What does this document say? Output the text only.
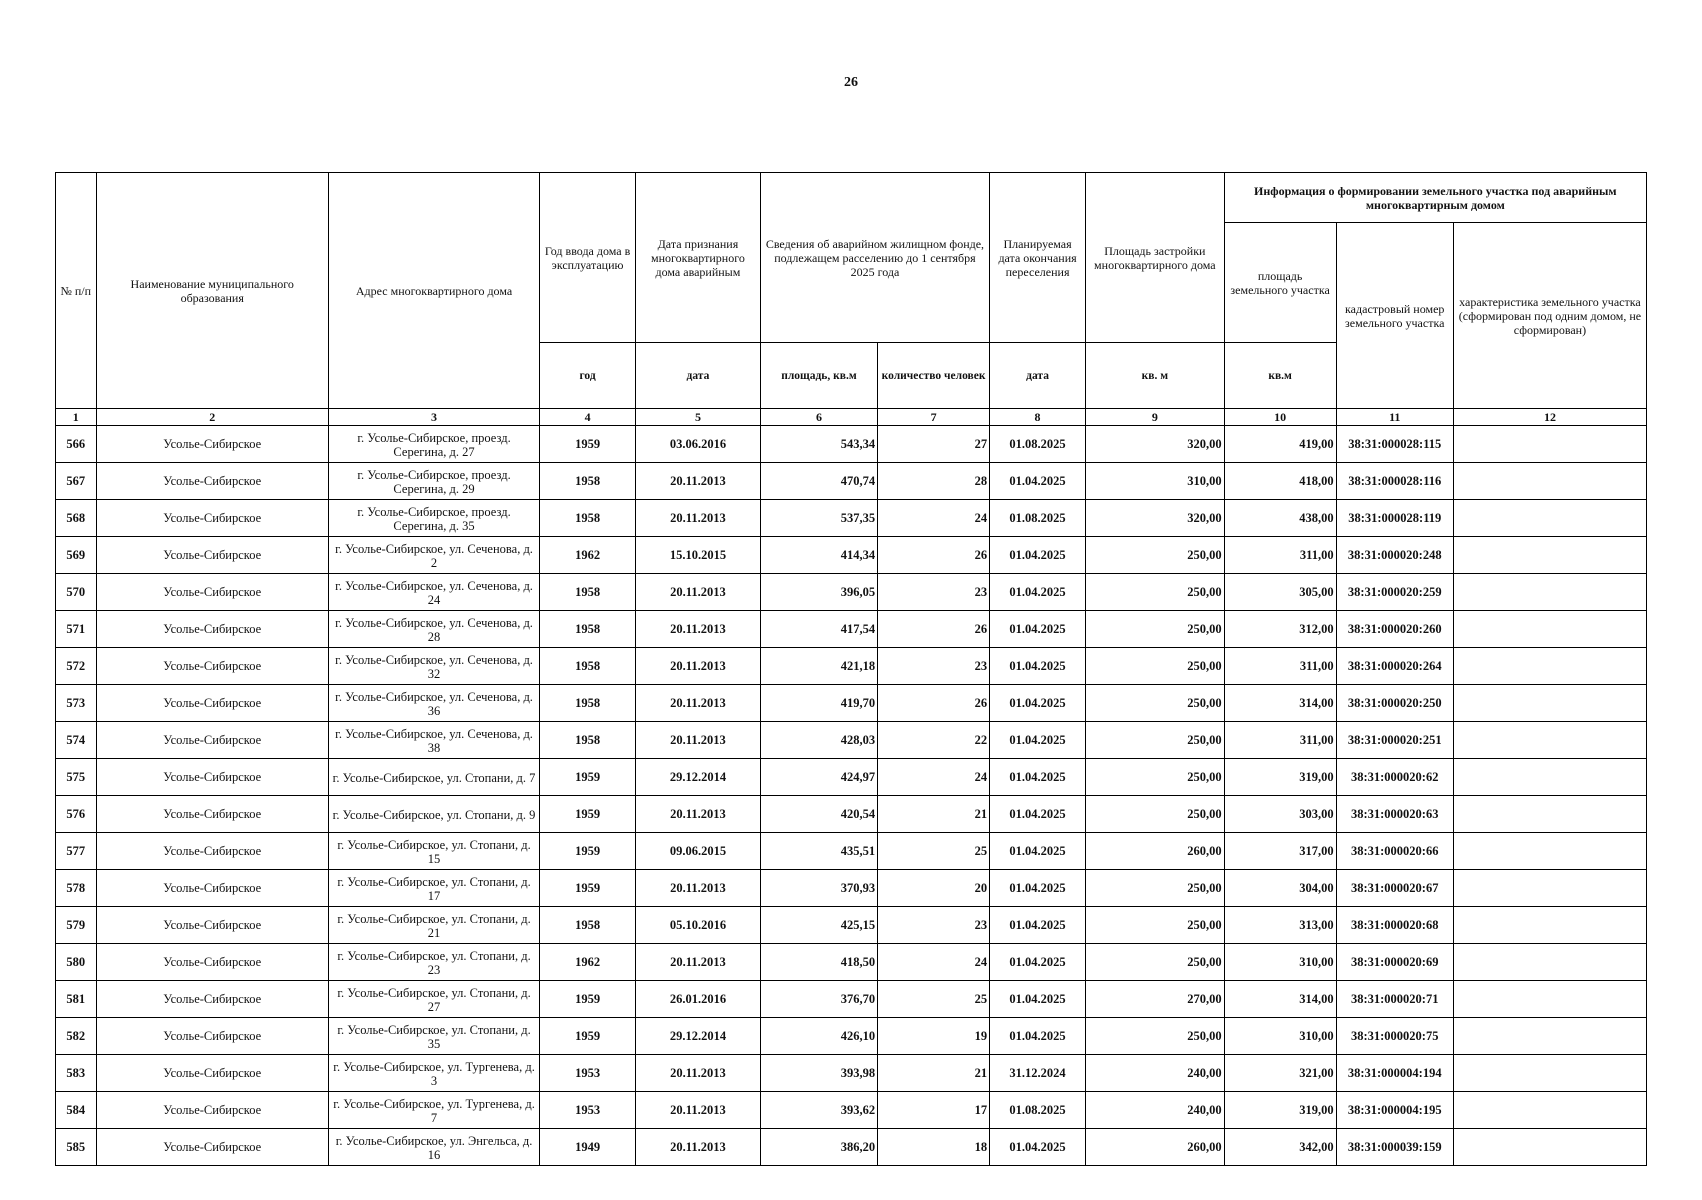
26
№ п/п	Наименование муниципального образования	Адрес многоквартирного дома	Год ввода дома в эксплуатацию	Дата признания многоквартирного дома аварийным	Сведения об аварийном жилищном фонде, подлежащем расселению до 1 сентября 2025 года		Планируемая дата окончания переселения	Площадь застройки многоквартирного дома	Информация о формировании земельного участка под аварийным многоквартирным домом		
									площадь земельного участка	кадастровый номер земельного участка	характеристика земельного участка (сформирован под одним домом, не сформирован)
			год	дата	площадь, кв.м	количество человек	дата	кв. м	кв.м		
1	2	3	4	5	6	7	8	9	10	11	12
566	Усолье-Сибирское	г. Усолье-Сибирское, проезд. Серегина, д. 27	1959	03.06.2016	543,34	27	01.08.2025	320,00	419,00	38:31:000028:115	
567	Усолье-Сибирское	г. Усолье-Сибирское, проезд. Серегина, д. 29	1958	20.11.2013	470,74	28	01.04.2025	310,00	418,00	38:31:000028:116	
568	Усолье-Сибирское	г. Усолье-Сибирское, проезд. Серегина, д. 35	1958	20.11.2013	537,35	24	01.08.2025	320,00	438,00	38:31:000028:119	
569	Усолье-Сибирское	г. Усолье-Сибирское, ул. Сеченова, д. 2	1962	15.10.2015	414,34	26	01.04.2025	250,00	311,00	38:31:000020:248	
570	Усолье-Сибирское	г. Усолье-Сибирское, ул. Сеченова, д. 24	1958	20.11.2013	396,05	23	01.04.2025	250,00	305,00	38:31:000020:259	
571	Усолье-Сибирское	г. Усолье-Сибирское, ул. Сеченова, д. 28	1958	20.11.2013	417,54	26	01.04.2025	250,00	312,00	38:31:000020:260	
572	Усолье-Сибирское	г. Усолье-Сибирское, ул. Сеченова, д. 32	1958	20.11.2013	421,18	23	01.04.2025	250,00	311,00	38:31:000020:264	
573	Усолье-Сибирское	г. Усолье-Сибирское, ул. Сеченова, д. 36	1958	20.11.2013	419,70	26	01.04.2025	250,00	314,00	38:31:000020:250	
574	Усолье-Сибирское	г. Усолье-Сибирское, ул. Сеченова, д. 38	1958	20.11.2013	428,03	22	01.04.2025	250,00	311,00	38:31:000020:251	
575	Усолье-Сибирское	г. Усолье-Сибирское, ул. Стопани, д. 7	1959	29.12.2014	424,97	24	01.04.2025	250,00	319,00	38:31:000020:62	
576	Усолье-Сибирское	г. Усолье-Сибирское, ул. Стопани, д. 9	1959	20.11.2013	420,54	21	01.04.2025	250,00	303,00	38:31:000020:63	
577	Усолье-Сибирское	г. Усолье-Сибирское, ул. Стопани, д. 15	1959	09.06.2015	435,51	25	01.04.2025	260,00	317,00	38:31:000020:66	
578	Усолье-Сибирское	г. Усолье-Сибирское, ул. Стопани, д. 17	1959	20.11.2013	370,93	20	01.04.2025	250,00	304,00	38:31:000020:67	
579	Усолье-Сибирское	г. Усолье-Сибирское, ул. Стопани, д. 21	1958	05.10.2016	425,15	23	01.04.2025	250,00	313,00	38:31:000020:68	
580	Усолье-Сибирское	г. Усолье-Сибирское, ул. Стопани, д. 23	1962	20.11.2013	418,50	24	01.04.2025	250,00	310,00	38:31:000020:69	
581	Усолье-Сибирское	г. Усолье-Сибирское, ул. Стопани, д. 27	1959	26.01.2016	376,70	25	01.04.2025	270,00	314,00	38:31:000020:71	
582	Усолье-Сибирское	г. Усолье-Сибирское, ул. Стопани, д. 35	1959	29.12.2014	426,10	19	01.04.2025	250,00	310,00	38:31:000020:75	
583	Усолье-Сибирское	г. Усолье-Сибирское, ул. Тургенева, д. 3	1953	20.11.2013	393,98	21	31.12.2024	240,00	321,00	38:31:000004:194	
584	Усолье-Сибирское	г. Усолье-Сибирское, ул. Тургенева, д. 7	1953	20.11.2013	393,62	17	01.08.2025	240,00	319,00	38:31:000004:195	
585	Усолье-Сибирское	г. Усолье-Сибирское, ул. Энгельса, д. 16	1949	20.11.2013	386,20	18	01.04.2025	260,00	342,00	38:31:000039:159	
